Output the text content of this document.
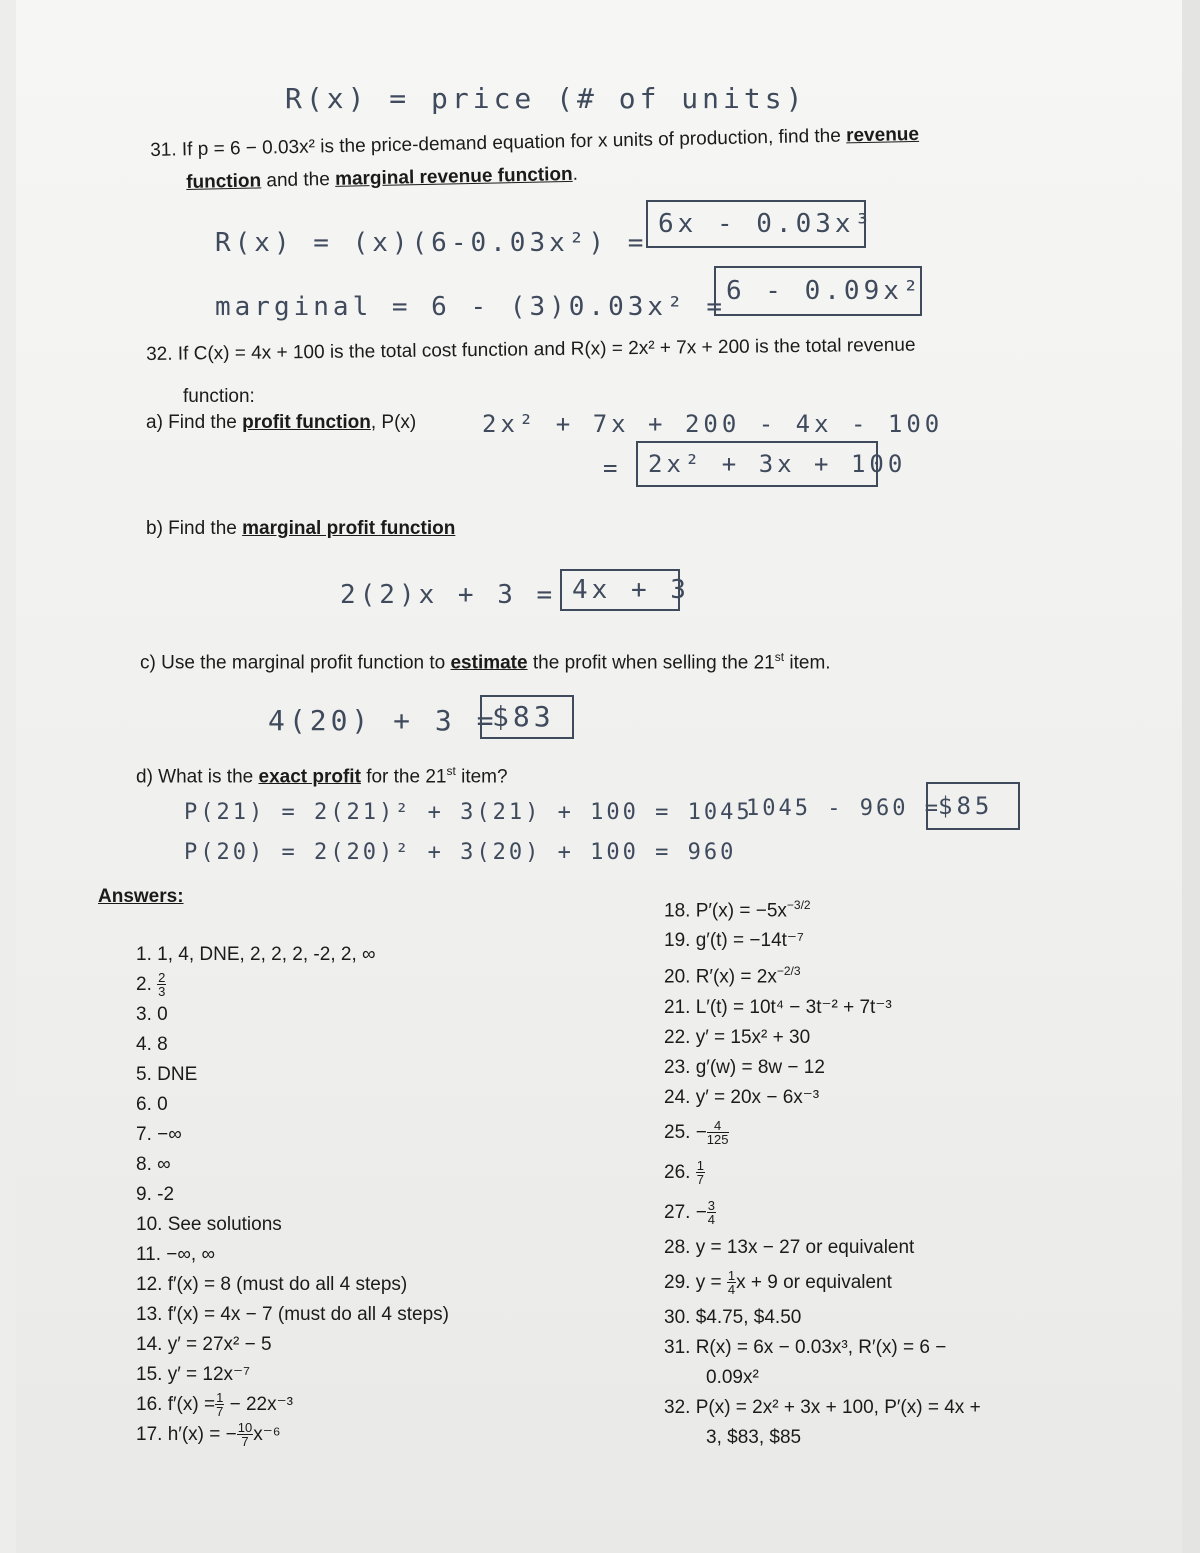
R(x) = price (# of units)
31. If p = 6 − 0.03x² is the price-demand equation for x units of production, find the revenue
function and the marginal revenue function.
R(x) = (x)(6-0.03x²) =
6x - 0.03x³
marginal = 6 - (3)0.03x² =
6 - 0.09x²
32. If C(x) = 4x + 100 is the total cost function and R(x) = 2x² + 7x + 200 is the total revenue
function:
a) Find the profit function, P(x)	2x² + 7x + 200 - 4x - 100
=	2x² + 3x + 100
b) Find the marginal profit function
2(2)x + 3 = 4x + 3
c) Use the marginal profit function to estimate the profit when selling the 21st item.
4(20) + 3 =
$83
d) What is the exact profit for the 21st item?
P(21) = 2(21)² + 3(21) + 100 = 1045
P(20) = 2(20)² + 3(20) + 100 = 960
1045 - 960 =
$85
Answers:
1. 1, 4, DNE, 2, 2, 2, -2, 2, ∞
2. $\frac{2}{3}$
3. 0
4. 8
5. DNE
6. 0
7. −∞
8. ∞
9. -2
10. See solutions
11. −∞, ∞
12. f′(x) = 8 (must do all 4 steps)
13. f′(x) = 4x − 7 (must do all 4 steps)
14. y′ = 27x² − 5
15. y′ = 12x⁻⁷
16. $f'(x) = \frac{1}{7} - 22x^{-3}$
17. h′(x) = − $\frac{10}{7} x^{-6}$
18. $P'(x) = -5x^{-3/2}$
19. g′(t) = −14t⁻⁷
20. $R'(x) = 2x^{-2/3}$
21. L′(t) = 10t⁴ − 3t⁻² + 7t⁻³
22. y′ = 15x² + 30
23. g′(w) = 8w − 12
24. y′ = 20x − 6x⁻³
25. − $\frac{4}{125}$
26. $\frac{1}{7}$
27. − $\frac{3}{4}$
28. y = 13x − 27 or equivalent
29. $y = \frac{1}{4}$ x + 9 or equivalent
30. $4.75, $4.50
31. R(x) = 6x − 0.03x³, R′(x) = 6 −
0.09x²
32. P(x) = 2x² + 3x + 100, P′(x) = 4x +
3, $83, $85
